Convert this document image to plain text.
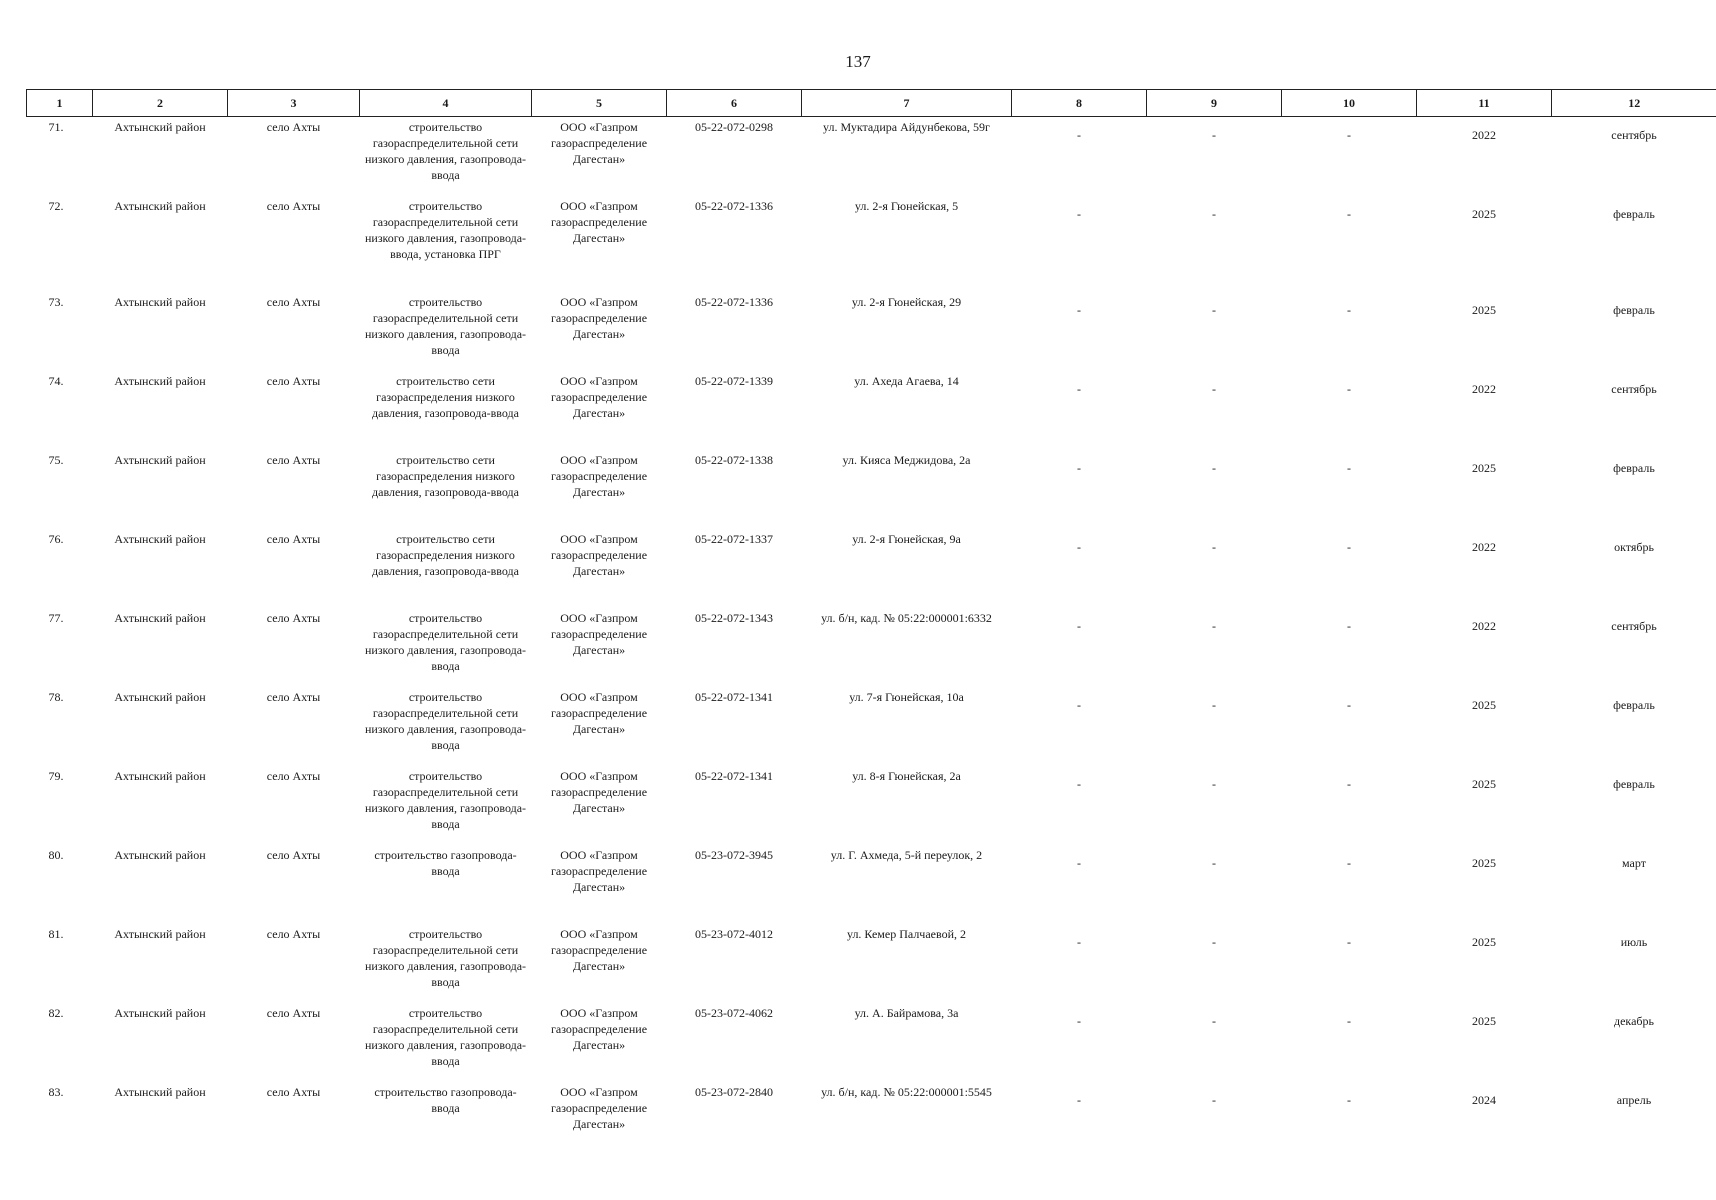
137
1	2	3	4	5	6	7	8	9	10	11	12
71.	Ахтынский район	село Ахты	строительство газораспределительной сети низкого давления, газопровода-ввода	ООО «Газпром газораспределение Дагестан»	05-22-072-0298	ул. Муктадира Айдунбекова, 59г	-	-	-	2022	сентябрь
72.	Ахтынский район	село Ахты	строительство газораспределительной сети низкого давления, газопровода-ввода, установка ПРГ	ООО «Газпром газораспределение Дагестан»	05-22-072-1336	ул. 2-я Гюнейская, 5	-	-	-	2025	февраль
73.	Ахтынский район	село Ахты	строительство газораспределительной сети низкого давления, газопровода-ввода	ООО «Газпром газораспределение Дагестан»	05-22-072-1336	ул. 2-я Гюнейская, 29	-	-	-	2025	февраль
74.	Ахтынский район	село Ахты	строительство сети газораспределения низкого давления, газопровода-ввода	ООО «Газпром газораспределение Дагестан»	05-22-072-1339	ул. Ахеда Агаева, 14	-	-	-	2022	сентябрь
75.	Ахтынский район	село Ахты	строительство сети газораспределения низкого давления, газопровода-ввода	ООО «Газпром газораспределение Дагестан»	05-22-072-1338	ул. Кияса Меджидова, 2а	-	-	-	2025	февраль
76.	Ахтынский район	село Ахты	строительство сети газораспределения низкого давления, газопровода-ввода	ООО «Газпром газораспределение Дагестан»	05-22-072-1337	ул. 2-я Гюнейская, 9а	-	-	-	2022	октябрь
77.	Ахтынский район	село Ахты	строительство газораспределительной сети низкого давления, газопровода-ввода	ООО «Газпром газораспределение Дагестан»	05-22-072-1343	ул. б/н, кад. № 05:22:000001:6332	-	-	-	2022	сентябрь
78.	Ахтынский район	село Ахты	строительство газораспределительной сети низкого давления, газопровода-ввода	ООО «Газпром газораспределение Дагестан»	05-22-072-1341	ул. 7-я Гюнейская, 10а	-	-	-	2025	февраль
79.	Ахтынский район	село Ахты	строительство газораспределительной сети низкого давления, газопровода-ввода	ООО «Газпром газораспределение Дагестан»	05-22-072-1341	ул. 8-я Гюнейская, 2а	-	-	-	2025	февраль
80.	Ахтынский район	село Ахты	строительство газопровода-ввода	ООО «Газпром газораспределение Дагестан»	05-23-072-3945	ул. Г. Ахмеда, 5-й переулок, 2	-	-	-	2025	март
81.	Ахтынский район	село Ахты	строительство газораспределительной сети низкого давления, газопровода-ввода	ООО «Газпром газораспределение Дагестан»	05-23-072-4012	ул. Кемер Палчаевой, 2	-	-	-	2025	июль
82.	Ахтынский район	село Ахты	строительство газораспределительной сети низкого давления, газопровода-ввода	ООО «Газпром газораспределение Дагестан»	05-23-072-4062	ул. А. Байрамова, 3а	-	-	-	2025	декабрь
83.	Ахтынский район	село Ахты	строительство газопровода-ввода	ООО «Газпром газораспределение Дагестан»	05-23-072-2840	ул. б/н, кад. № 05:22:000001:5545	-	-	-	2024	апрель
